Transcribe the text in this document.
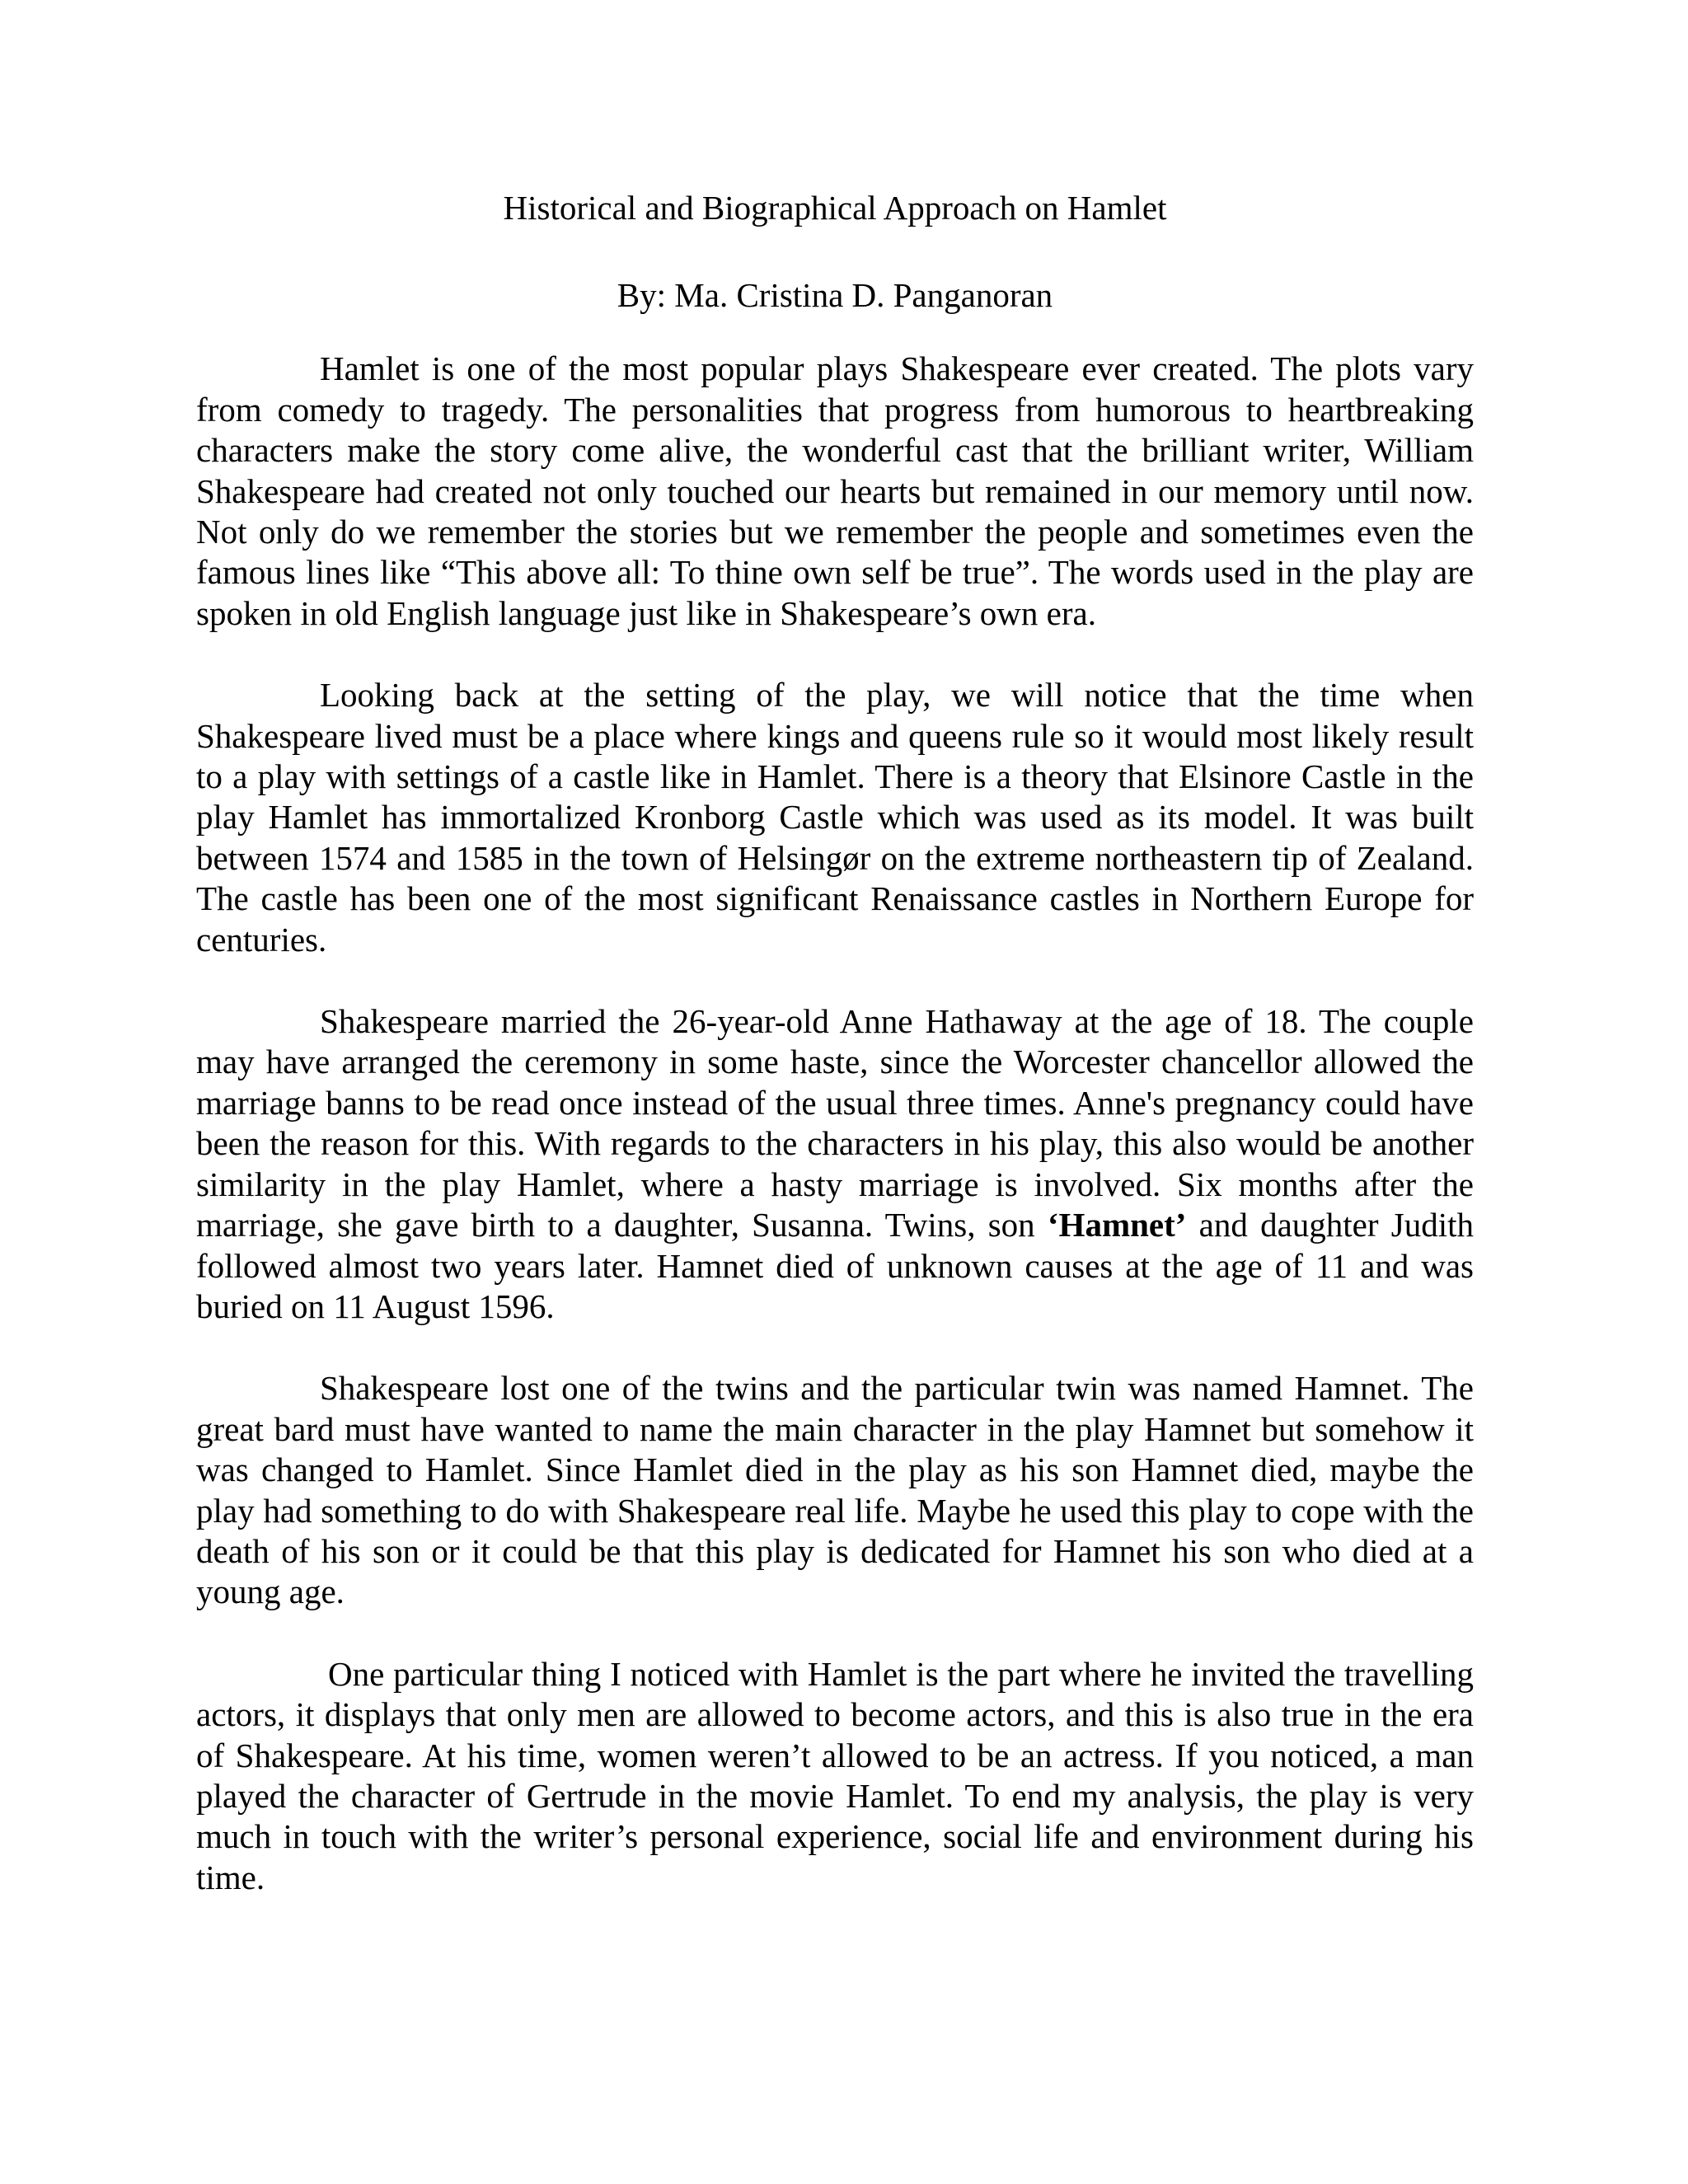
Historical and Biographical Approach on Hamlet
By: Ma. Cristina D. Panganoran

Hamlet is one of the most popular plays Shakespeare ever created. The plots vary from comedy to tragedy. The personalities that progress from humorous to heartbreaking characters make the story come alive, the wonderful cast that the brilliant writer, William Shakespeare had created not only touched our hearts but remained in our memory until now. Not only do we remember the stories but we remember the people and sometimes even the famous lines like “This above all: To thine own self be true”. The words used in the play are spoken in old English language just like in Shakespeare’s own era.

Looking back at the setting of the play, we will notice that the time when Shakespeare lived must be a place where kings and queens rule so it would most likely result to a play with settings of a castle like in Hamlet. There is a theory that Elsinore Castle in the play Hamlet has immortalized Kronborg Castle which was used as its model. It was built between 1574 and 1585 in the town of Helsingør on the extreme northeastern tip of Zealand. The castle has been one of the most significant Renaissance castles in Northern Europe for centuries.

Shakespeare married the 26-year-old Anne Hathaway at the age of 18. The couple may have arranged the ceremony in some haste, since the Worcester chancellor allowed the marriage banns to be read once instead of the usual three times. Anne's pregnancy could have been the reason for this. With regards to the characters in his play, this also would be another similarity in the play Hamlet, where a hasty marriage is involved. Six months after the marriage, she gave birth to a daughter, Susanna. Twins, son ‘Hamnet’ and daughter Judith followed almost two years later. Hamnet died of unknown causes at the age of 11 and was buried on 11 August 1596.

Shakespeare lost one of the twins and the particular twin was named Hamnet. The great bard must have wanted to name the main character in the play Hamnet but somehow it was changed to Hamlet. Since Hamlet died in the play as his son Hamnet died, maybe the play had something to do with Shakespeare real life. Maybe he used this play to cope with the death of his son or it could be that this play is dedicated for Hamnet his son who died at a young age.

One particular thing I noticed with Hamlet is the part where he invited the travelling actors, it displays that only men are allowed to become actors, and this is also true in the era of Shakespeare. At his time, women weren’t allowed to be an actress. If you noticed, a man played the character of Gertrude in the movie Hamlet. To end my analysis, the play is very much in touch with the writer’s personal experience, social life and environment during his time.
